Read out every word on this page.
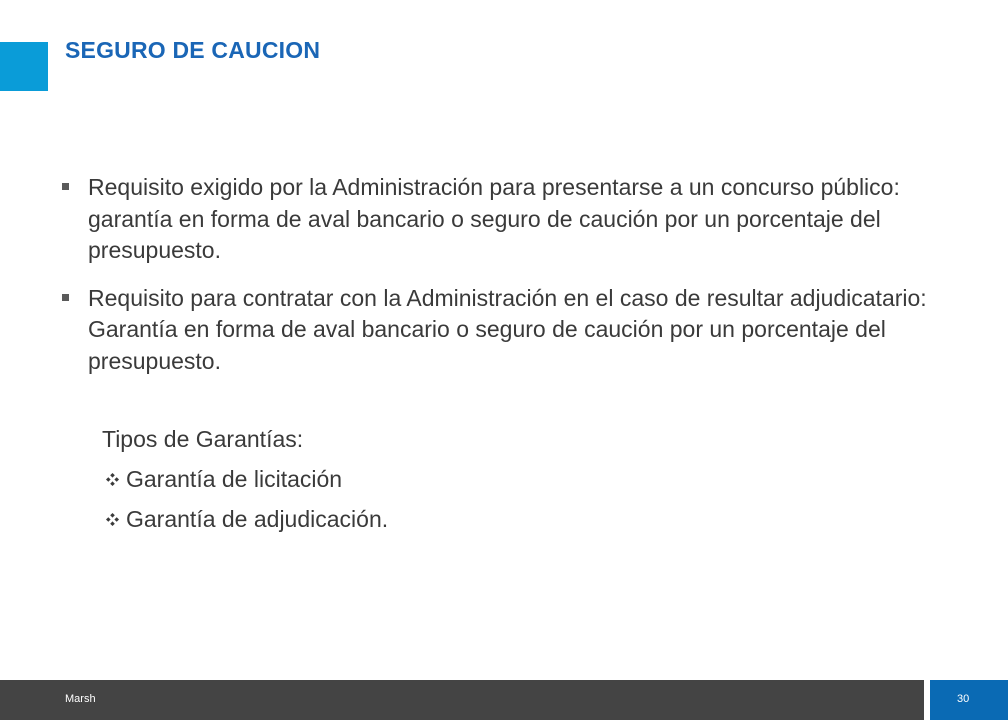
SEGURO DE CAUCION
Requisito exigido por la Administración para presentarse a un concurso público: garantía en forma de aval bancario o seguro de caución por un porcentaje del presupuesto.
Requisito para contratar con la Administración en el caso de resultar adjudicatario: Garantía en forma de aval bancario o seguro de caución por un porcentaje del presupuesto.
Tipos de Garantías:
Garantía de licitación
Garantía de adjudicación.
Marsh	30
